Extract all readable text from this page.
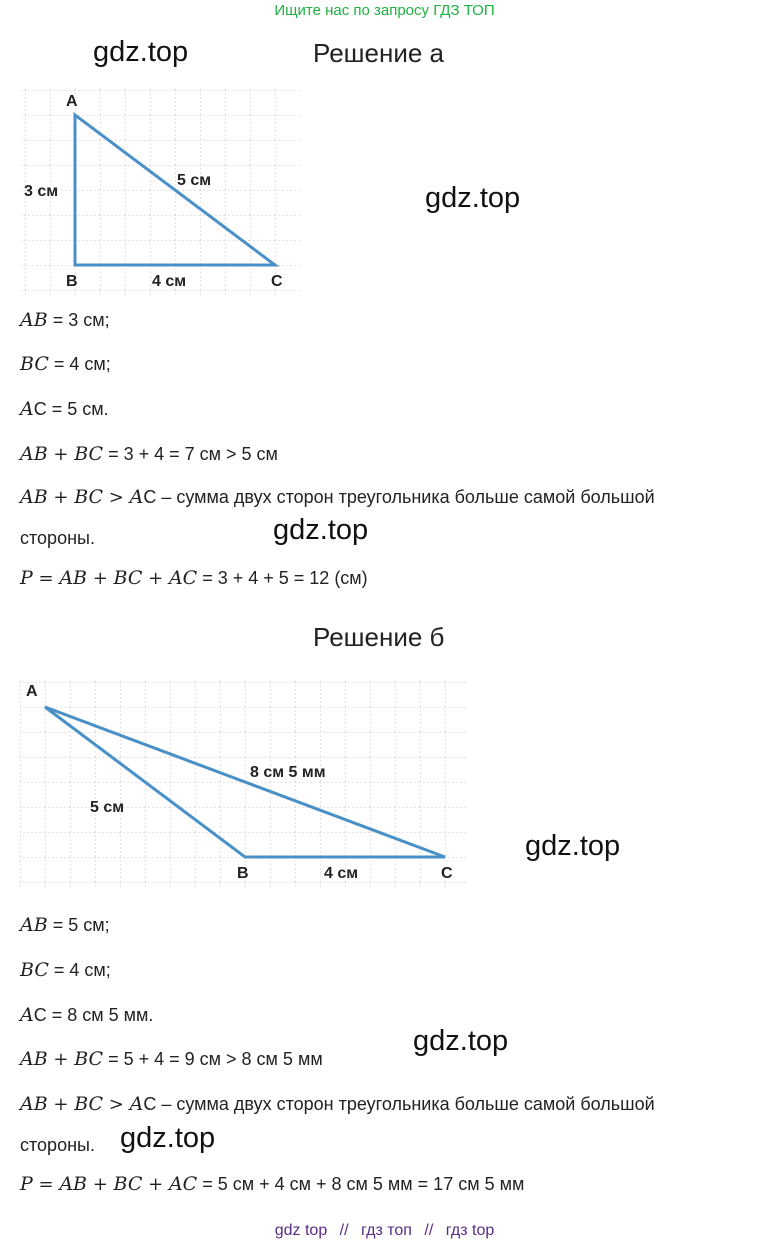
Ищите нас по запросу ГДЗ ТОП
gdz.top
gdz.top
gdz.top
gdz.top
gdz.top
gdz.top
Решение а
A
B	C
3 см
4 см
5 см
AB = 3 см;
BC = 4 см;
AС = 5 см.
AB + BC = 3 + 4 = 7 см > 5 см
AB + BC > AС – сумма двух сторон треугольника больше самой большой
стороны.
P = AB + BC + AC = 3 + 4 + 5 = 12 (см)
Решение б
A
B	C
5 см
4 см
8 см 5 мм
AB = 5 см;
BC = 4 см;
AС = 8 см 5 мм.
AB + BC = 5 + 4 = 9 см > 8 см 5 мм
AB + BC > AС – сумма двух сторон треугольника больше самой большой
стороны.
P = AB + BC + AC = 5 см + 4 см + 8 см 5 мм = 17 см 5 мм
gdz top // гдз топ // гдз top
